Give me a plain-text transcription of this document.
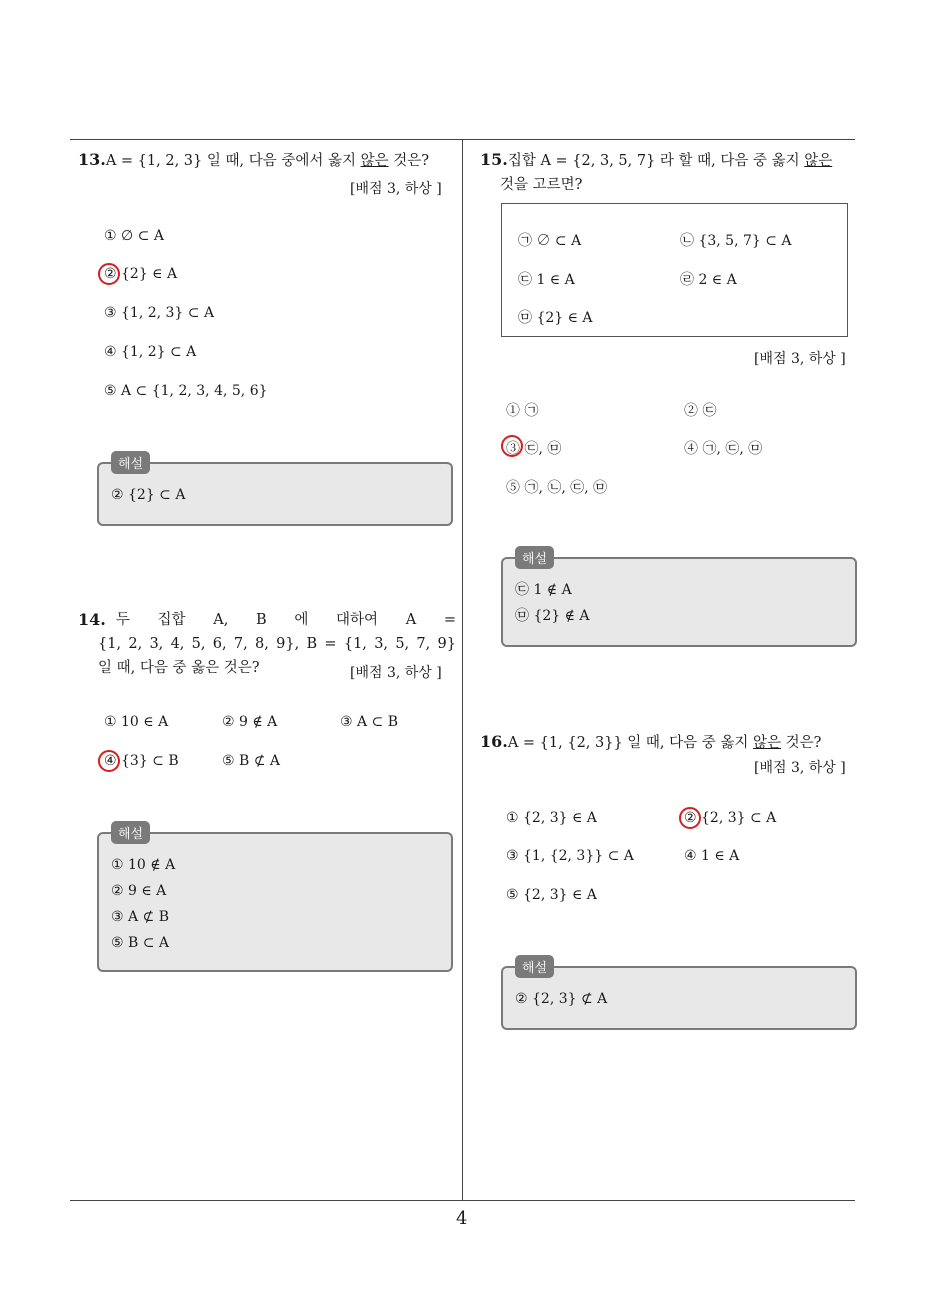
4
13.A = {1, 2, 3} 일 때, 다음 중에서 옳지 않은 것은?
[배점 3, 하상 ]
① ∅ ⊂ A
② {2} ∈ A
③ {1, 2, 3} ⊂ A
④ {1, 2} ⊂ A
⑤ A ⊂ {1, 2, 3, 4, 5, 6}
해설
② {2} ⊂ A
14. 두 집합 A, B 에 대하여 A =
{1, 2, 3, 4, 5, 6, 7, 8, 9}, B = {1, 3, 5, 7, 9}
일 때, 다음 중 옳은 것은?	[배점 3, 하상 ]
① 10 ∈ A	② 9 ∉ A	③ A ⊂ B
④ {3} ⊂ B	⑤ B ⊄ A
해설
① 10 ∉ A
② 9 ∈ A
③ A ⊄ B
⑤ B ⊂ A
15.집합 A = {2, 3, 5, 7} 라 할 때, 다음 중 옳지 않은
것을 고르면?
㉠ ∅ ⊂ A	㉡ {3, 5, 7} ⊂ A
㉢ 1 ∈ A	㉣ 2 ∈ A
㉤ {2} ∈ A
[배점 3, 하상 ]
① ㉠	② ㉢
③ ㉢, ㉤	④ ㉠, ㉢, ㉤
⑤ ㉠, ㉡, ㉢, ㉤
해설
㉢ 1 ∉ A
㉤ {2} ∉ A
16.A = {1, {2, 3}} 일 때, 다음 중 옳지 않은 것은?
[배점 3, 하상 ]
① {2, 3} ∈ A	② {2, 3} ⊂ A
③ {1, {2, 3}} ⊂ A	④ 1 ∈ A
⑤ {2, 3} ∈ A
해설
② {2, 3} ⊄ A
